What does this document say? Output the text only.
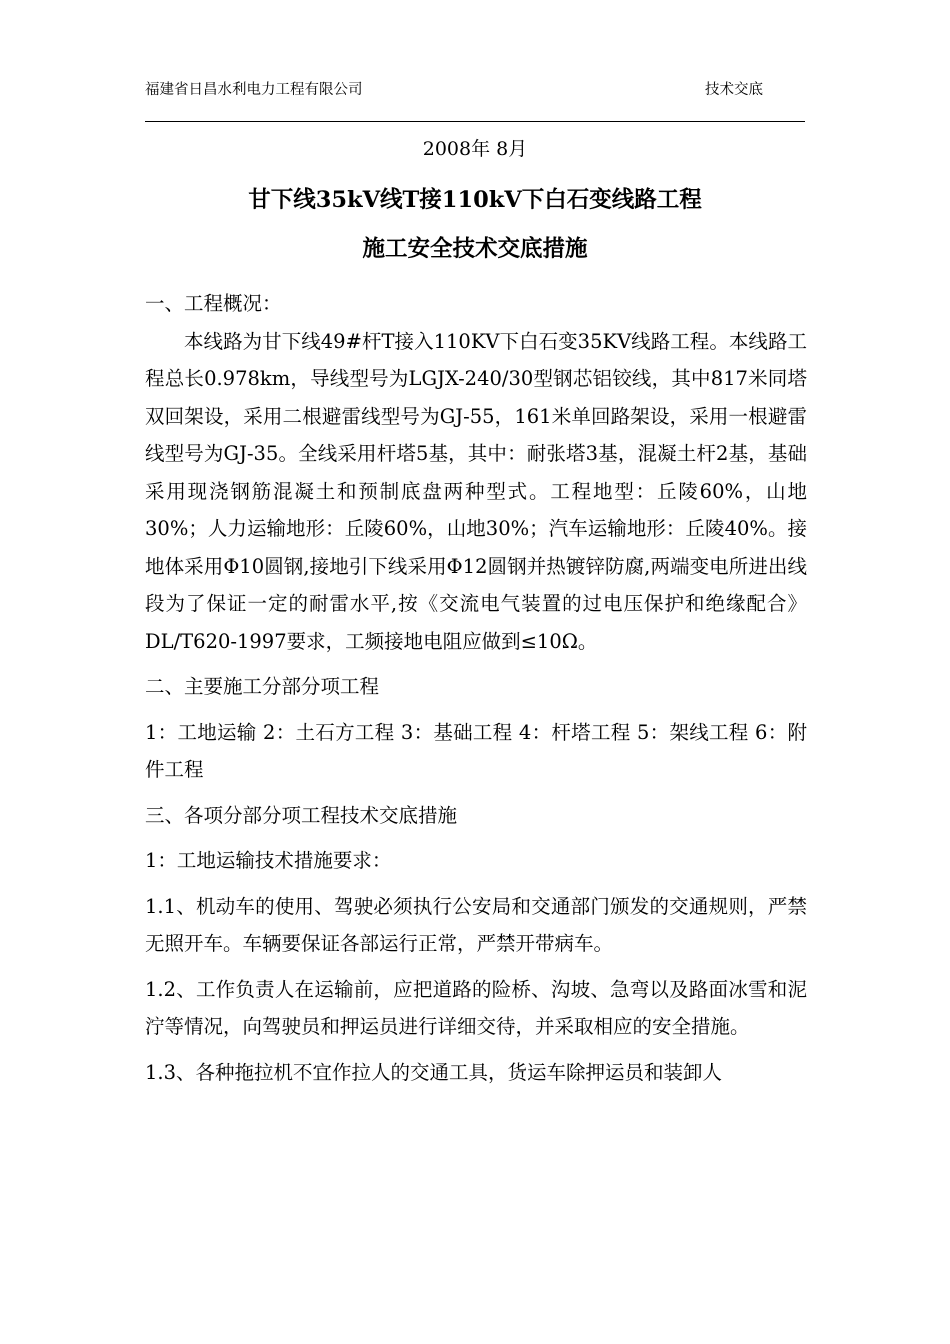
福建省日昌水利电力工程有限公司	技术交底
2008年 8月
甘下线35kV线T接110kV下白石变线路工程
施工安全技术交底措施

一、工程概况：

本线路为甘下线49#杆T接入110KV下白石变35KV线路工程。本线路工程总长0.978km，导线型号为LGJX-240/30型钢芯铝铰线，其中817米同塔双回架设，采用二根避雷线型号为GJ-55，161米单回路架设，采用一根避雷线型号为GJ-35。全线采用杆塔5基，其中：耐张塔3基，混凝土杆2基，基础采用现浇钢筋混凝土和预制底盘两种型式。工程地型：丘陵60%，山地30%；人力运输地形：丘陵60%，山地30%；汽车运输地形：丘陵40%。接地体采用Φ10圆钢,接地引下线采用Φ12圆钢并热镀锌防腐,两端变电所进出线段为了保证一定的耐雷水平,按《交流电气装置的过电压保护和绝缘配合》DL/T620-1997要求，工频接地电阻应做到≤10Ω。

二、主要施工分部分项工程

1：工地运输 2：土石方工程 3：基础工程 4：杆塔工程 5：架线工程 6：附件工程

三、各项分部分项工程技术交底措施

1：工地运输技术措施要求：

1.1、机动车的使用、驾驶必须执行公安局和交通部门颁发的交通规则，严禁无照开车。车辆要保证各部运行正常，严禁开带病车。

1.2、工作负责人在运输前，应把道路的险桥、沟坡、急弯以及路面冰雪和泥泞等情况，向驾驶员和押运员进行详细交待，并采取相应的安全措施。

1.3、各种拖拉机不宜作拉人的交通工具，货运车除押运员和装卸人
